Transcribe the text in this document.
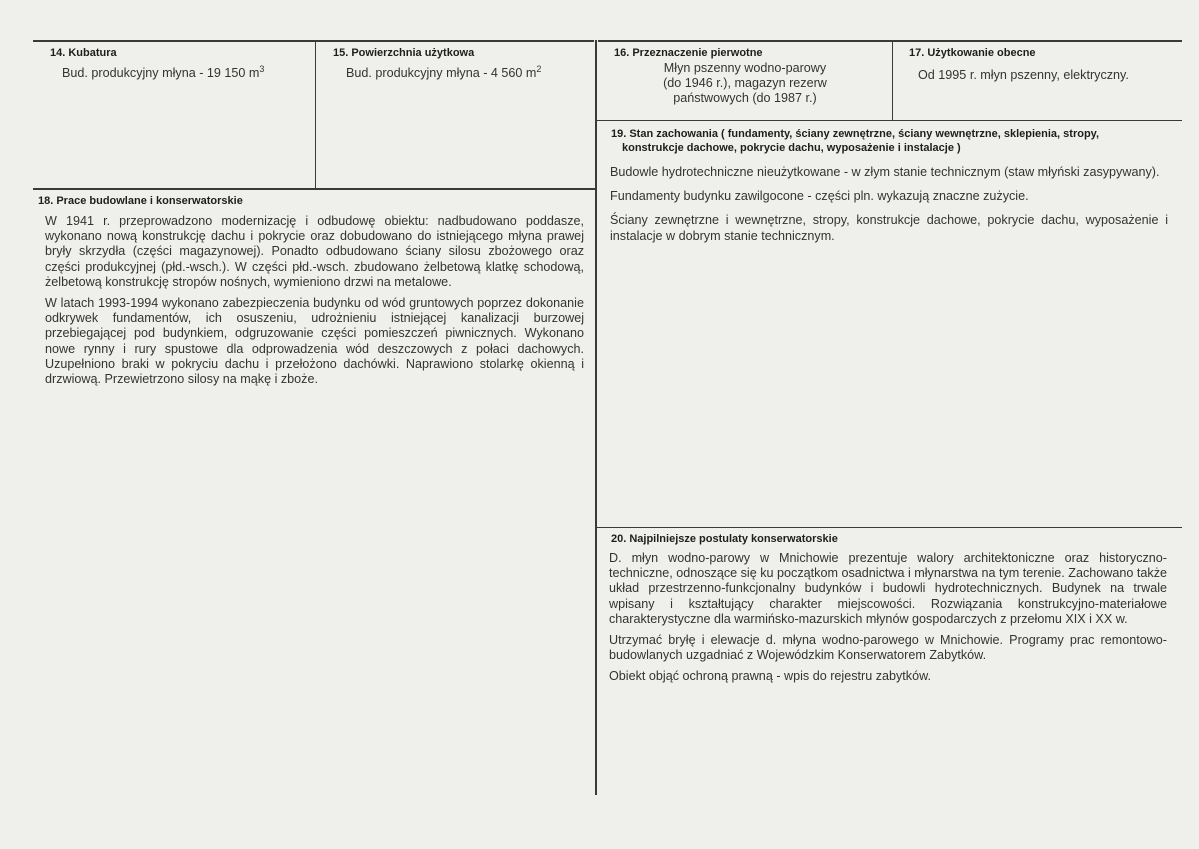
14. Kubatura
Bud. produkcyjny młyna - 19 150 $m^3$
15. Powierzchnia użytkowa
Bud. produkcyjny młyna - 4 560 $m^2$
16. Przeznaczenie pierwotne
Młyn pszenny wodno-parowy
(do 1946 r.), magazyn rezerw
państwowych (do 1987 r.)
17. Użytkowanie obecne
Od 1995 r. młyn pszenny, elektryczny.
18. Prace budowlane i konserwatorskie

W 1941 r. przeprowadzono modernizację i odbudowę obiektu: nadbudowano poddasze, wykonano nową konstrukcję dachu i pokrycie oraz dobudowano do istniejącego młyna prawej bryły skrzydła (części magazynowej). Ponadto odbudowano ściany silosu zbożowego oraz części produkcyjnej (płd.-wsch.). W części płd.-wsch. zbudowano żelbetową klatkę schodową, żelbetową konstrukcję stropów nośnych, wymieniono drzwi na metalowe.

W latach 1993-1994 wykonano zabezpieczenia budynku od wód gruntowych poprzez dokonanie odkrywek fundamentów, ich osuszeniu, udrożnieniu istniejącej kanalizacji burzowej przebiegającej pod budynkiem, odgruzowanie części pomieszczeń piwnicznych. Wykonano nowe rynny i rury spustowe dla odprowadzenia wód deszczowych z połaci dachowych. Uzupełniono braki w pokryciu dachu i przełożono dachówki. Naprawiono stolarkę okienną i drzwiową. Przewietrzono silosy na mąkę i zboże.

19. Stan zachowania ( fundamenty, ściany zewnętrzne, ściany wewnętrzne, sklepienia, stropy,
konstrukcje dachowe, pokrycie dachu, wyposażenie i instalacje )

Budowle hydrotechniczne nieużytkowane - w złym stanie technicznym (staw młyński zasypywany).

Fundamenty budynku zawilgocone - części pln. wykazują znaczne zużycie.

Ściany zewnętrzne i wewnętrzne, stropy, konstrukcje dachowe, pokrycie dachu, wyposażenie i instalacje w dobrym stanie technicznym.

20. Najpilniejsze postulaty konserwatorskie

D. młyn wodno-parowy w Mnichowie prezentuje walory architektoniczne oraz historyczno-techniczne, odnoszące się ku początkom osadnictwa i młynarstwa na tym terenie. Zachowano także układ przestrzenno-funkcjonalny budynków i budowli hydrotechnicznych. Budynek na trwale wpisany i kształtujący charakter miejscowości. Rozwiązania konstrukcyjno-materiałowe charakterystyczne dla warmińsko-mazurskich młynów gospodarczych z przełomu XIX i XX w.

Utrzymać bryłę i elewacje d. młyna wodno-parowego w Mnichowie. Programy prac remontowo-budowlanych uzgadniać z Wojewódzkim Konserwatorem Zabytków.

Obiekt objąć ochroną prawną - wpis do rejestru zabytków.
